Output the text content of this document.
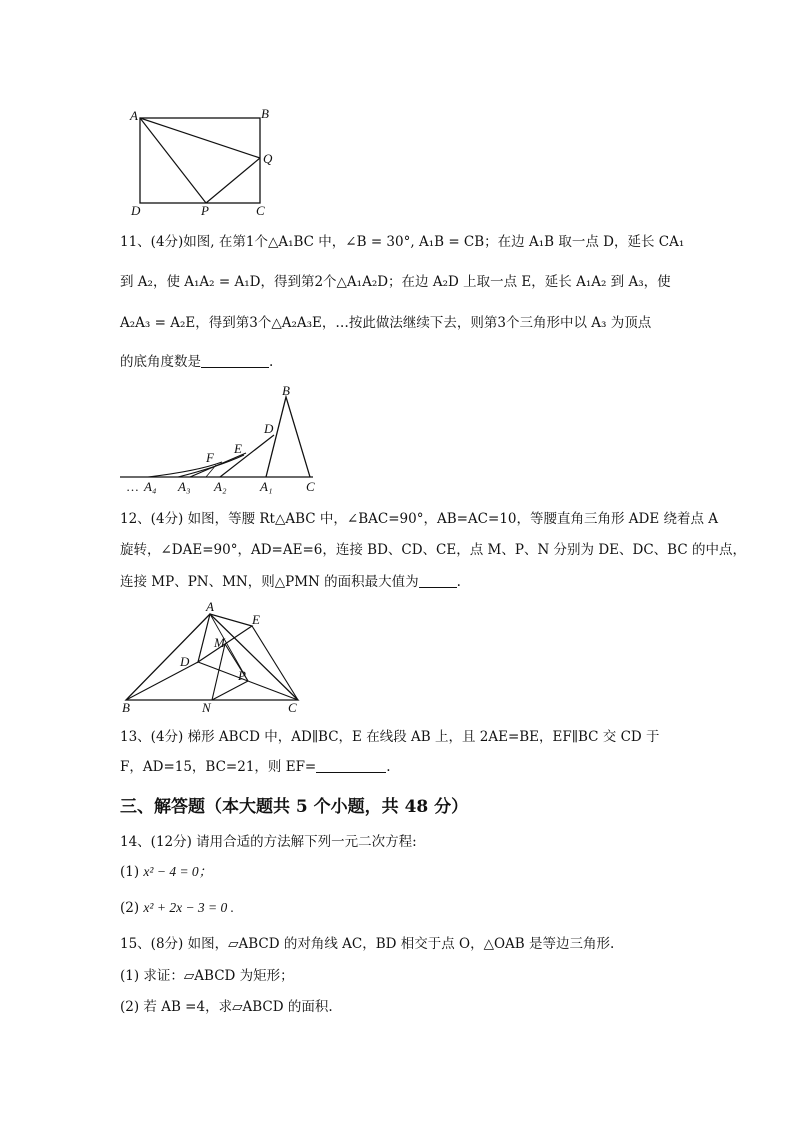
A	B
Q
D	P	C
11、(4分)如图, 在第1个△A₁BC 中，∠B = 30°, A₁B = CB；在边 A₁B 取一点 D，延长 CA₁
到 A₂，使 A₁A₂ = A₁D，得到第2个△A₁A₂D；在边 A₂D 上取一点 E，延长 A₁A₂ 到 A₃，使
A₂A₃ = A₂E，得到第3个△A₂A₃E，…按此做法继续下去，则第3个三角形中以 A₃ 为顶点
的底角度数是	.
B
D
E
F
… A₄ A₃ A₂	A₁	C
12、(4分) 如图，等腰 Rt△ABC 中，∠BAC=90°，AB=AC=10，等腰直角三角形 ADE 绕着点 A
旋转，∠DAE=90°，AD=AE=6，连接 BD、CD、CE，点 M、P、N 分别为 DE、DC、BC 的中点，
连接 MP、PN、MN，则△PMN 的面积最大值为	.
A
E
M
D
P
B	N	C
13、(4分) 梯形 ABCD 中，AD∥BC，E 在线段 AB 上，且 2AE=BE，EF∥BC 交 CD 于
F，AD=15，BC=21，则 EF=	.
三、解答题（本大题共 5 个小题，共 48 分）
14、(12分) 请用合适的方法解下列一元二次方程:
(1) x² − 4 = 0；
(2) x² + 2x − 3 = 0 .
15、(8分) 如图，▱ABCD 的对角线 AC，BD 相交于点 O，△OAB 是等边三角形.
(1) 求证：▱ABCD 为矩形；
(2) 若 AB =4，求▱ABCD 的面积.
